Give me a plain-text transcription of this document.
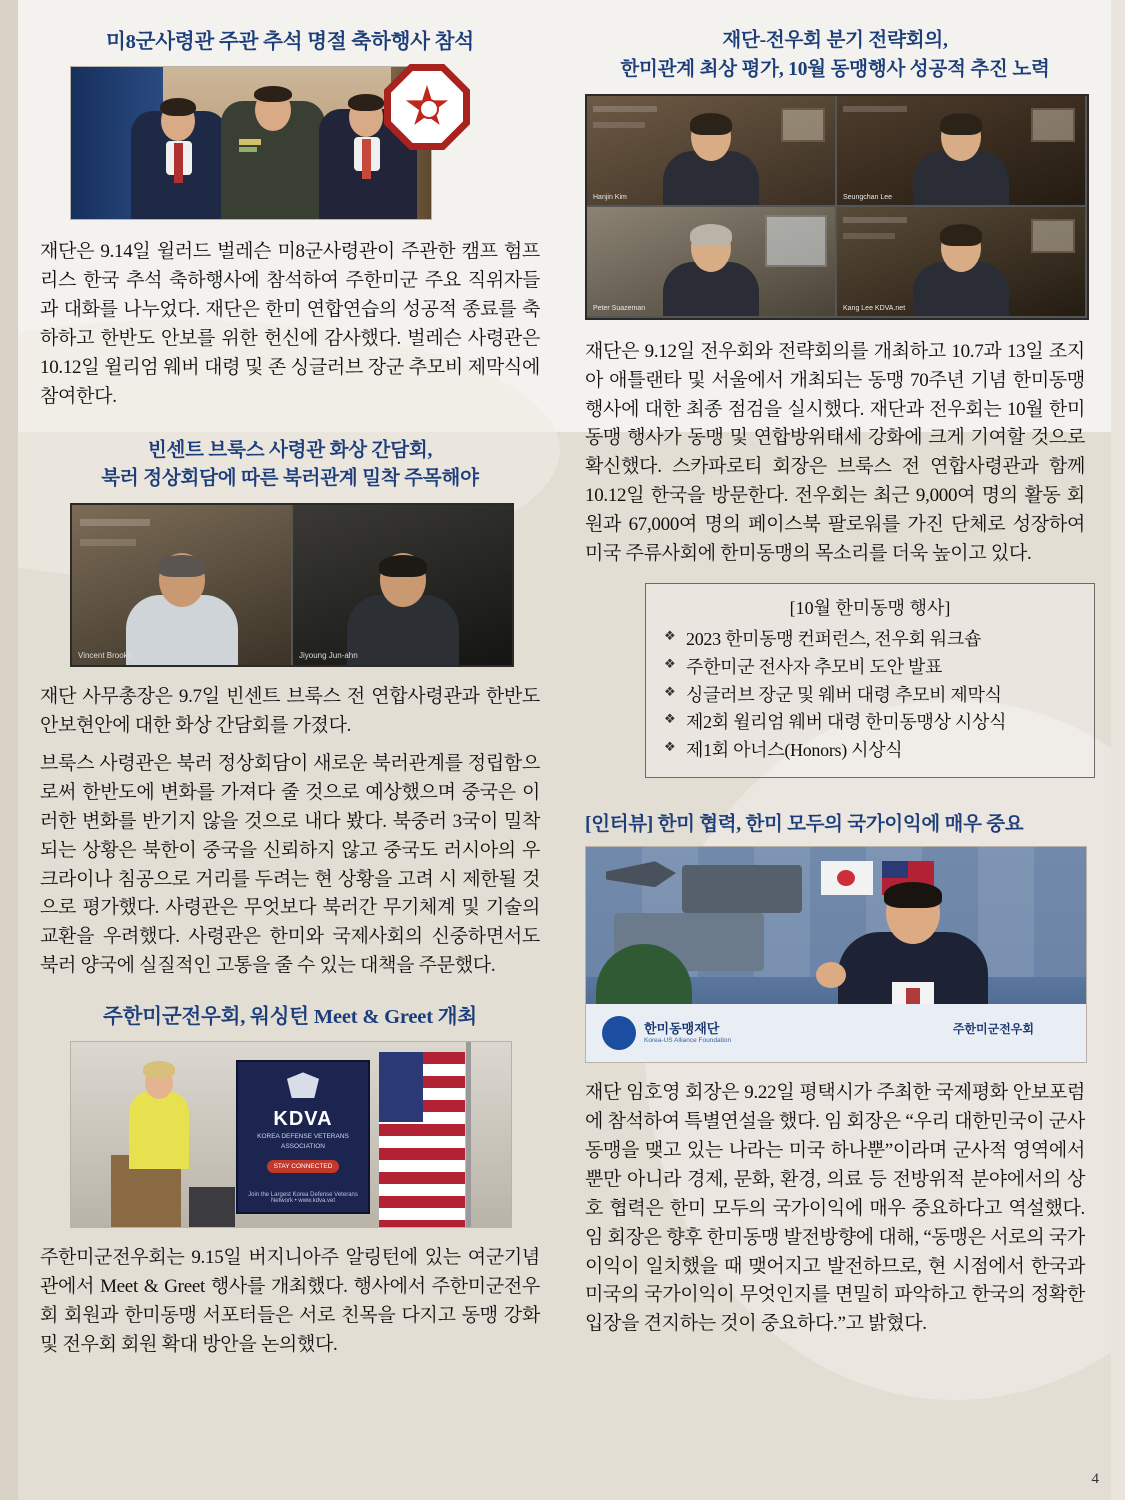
미8군사령관 주관 추석 명절 축하행사 참석

재단은 9.14일 윌러드 벌레슨 미8군사령관이 주관한 캠프 험프리스 한국 추석 축하행사에 참석하여 주한미군 주요 직위자들과 대화를 나누었다. 재단은 한미 연합연습의 성공적 종료를 축하하고 한반도 안보를 위한 헌신에 감사했다. 벌레슨 사령관은 10.12일 윌리엄 웨버 대령 및 존 싱글러브 장군 추모비 제막식에 참여한다.

빈센트 브룩스 사령관 화상 간담회,
북러 정상회담에 따른 북러관계 밀착 주목해야
Vincent Brooks	Jiyoung Jun-ahn

재단 사무총장은 9.7일 빈센트 브룩스 전 연합사령관과 한반도 안보현안에 대한 화상 간담회를 가졌다.

브룩스 사령관은 북러 정상회담이 새로운 북러관계를 정립함으로써 한반도에 변화를 가져다 줄 것으로 예상했으며 중국은 이러한 변화를 반기지 않을 것으로 내다 봤다. 북중러 3국이 밀착되는 상황은 북한이 중국을 신뢰하지 않고 중국도 러시아의 우크라이나 침공으로 거리를 두려는 현 상황을 고려 시 제한될 것으로 평가했다. 사령관은 무엇보다 북러간 무기체계 및 기술의 교환을 우려했다. 사령관은 한미와 국제사회의 신중하면서도 북러 양국에 실질적인 고통을 줄 수 있는 대책을 주문했다.

주한미군전우회, 워싱턴 Meet & Greet 개최
KDVA
KOREA DEFENSE VETERANS ASSOCIATION
STAY CONNECTED
Join the Largest Korea Defense Veterans Network • www.kdva.vet

주한미군전우회는 9.15일 버지니아주 알링턴에 있는 여군기념관에서 Meet & Greet 행사를 개최했다. 행사에서 주한미군전우회 회원과 한미동맹 서포터들은 서로 친목을 다지고 동맹 강화 및 전우회 회원 확대 방안을 논의했다.

재단-전우회 분기 전략회의,
한미관계 최상 평가, 10월 동맹행사 성공적 추진 노력
Hanjin Kim	Seungchan Lee
Peter Suazeman	Kang Lee KDVA.net

재단은 9.12일 전우회와 전략회의를 개최하고 10.7과 13일 조지아 애틀랜타 및 서울에서 개최되는 동맹 70주년 기념 한미동맹 행사에 대한 최종 점검을 실시했다. 재단과 전우회는 10월 한미동맹 행사가 동맹 및 연합방위태세 강화에 크게 기여할 것으로 확신했다. 스카파로티 회장은 브룩스 전 연합사령관과 함께 10.12일 한국을 방문한다. 전우회는 최근 9,000여 명의 활동 회원과 67,000여 명의 페이스북 팔로워를 가진 단체로 성장하여 미국 주류사회에 한미동맹의 목소리를 더욱 높이고 있다.

[10월 한미동맹 행사]
❖ 2023 한미동맹 컨퍼런스, 전우회 워크숍
❖ 주한미군 전사자 추모비 도안 발표
❖ 싱글러브 장군 및 웨버 대령 추모비 제막식
❖ 제2회 윌리엄 웨버 대령 한미동맹상 시상식
❖ 제1회 아너스(Honors) 시상식
[인터뷰] 한미 협력, 한미 모두의 국가이익에 매우 중요
한미동맹재단
Korea-US Alliance Foundation
주한미군전우회

재단 임호영 회장은 9.22일 평택시가 주최한 국제평화 안보포럼에 참석하여 특별연설을 했다. 임 회장은 “우리 대한민국이 군사동맹을 맺고 있는 나라는 미국 하나뿐”이라며 군사적 영역에서 뿐만 아니라 경제, 문화, 환경, 의료 등 전방위적 분야에서의 상호 협력은 한미 모두의 국가이익에 매우 중요하다고 역설했다. 임 회장은 향후 한미동맹 발전방향에 대해, “동맹은 서로의 국가 이익이 일치했을 때 맺어지고 발전하므로, 현 시점에서 한국과 미국의 국가이익이 무엇인지를 면밀히 파악하고 한국의 정확한 입장을 견지하는 것이 중요하다.”고 밝혔다.

4
